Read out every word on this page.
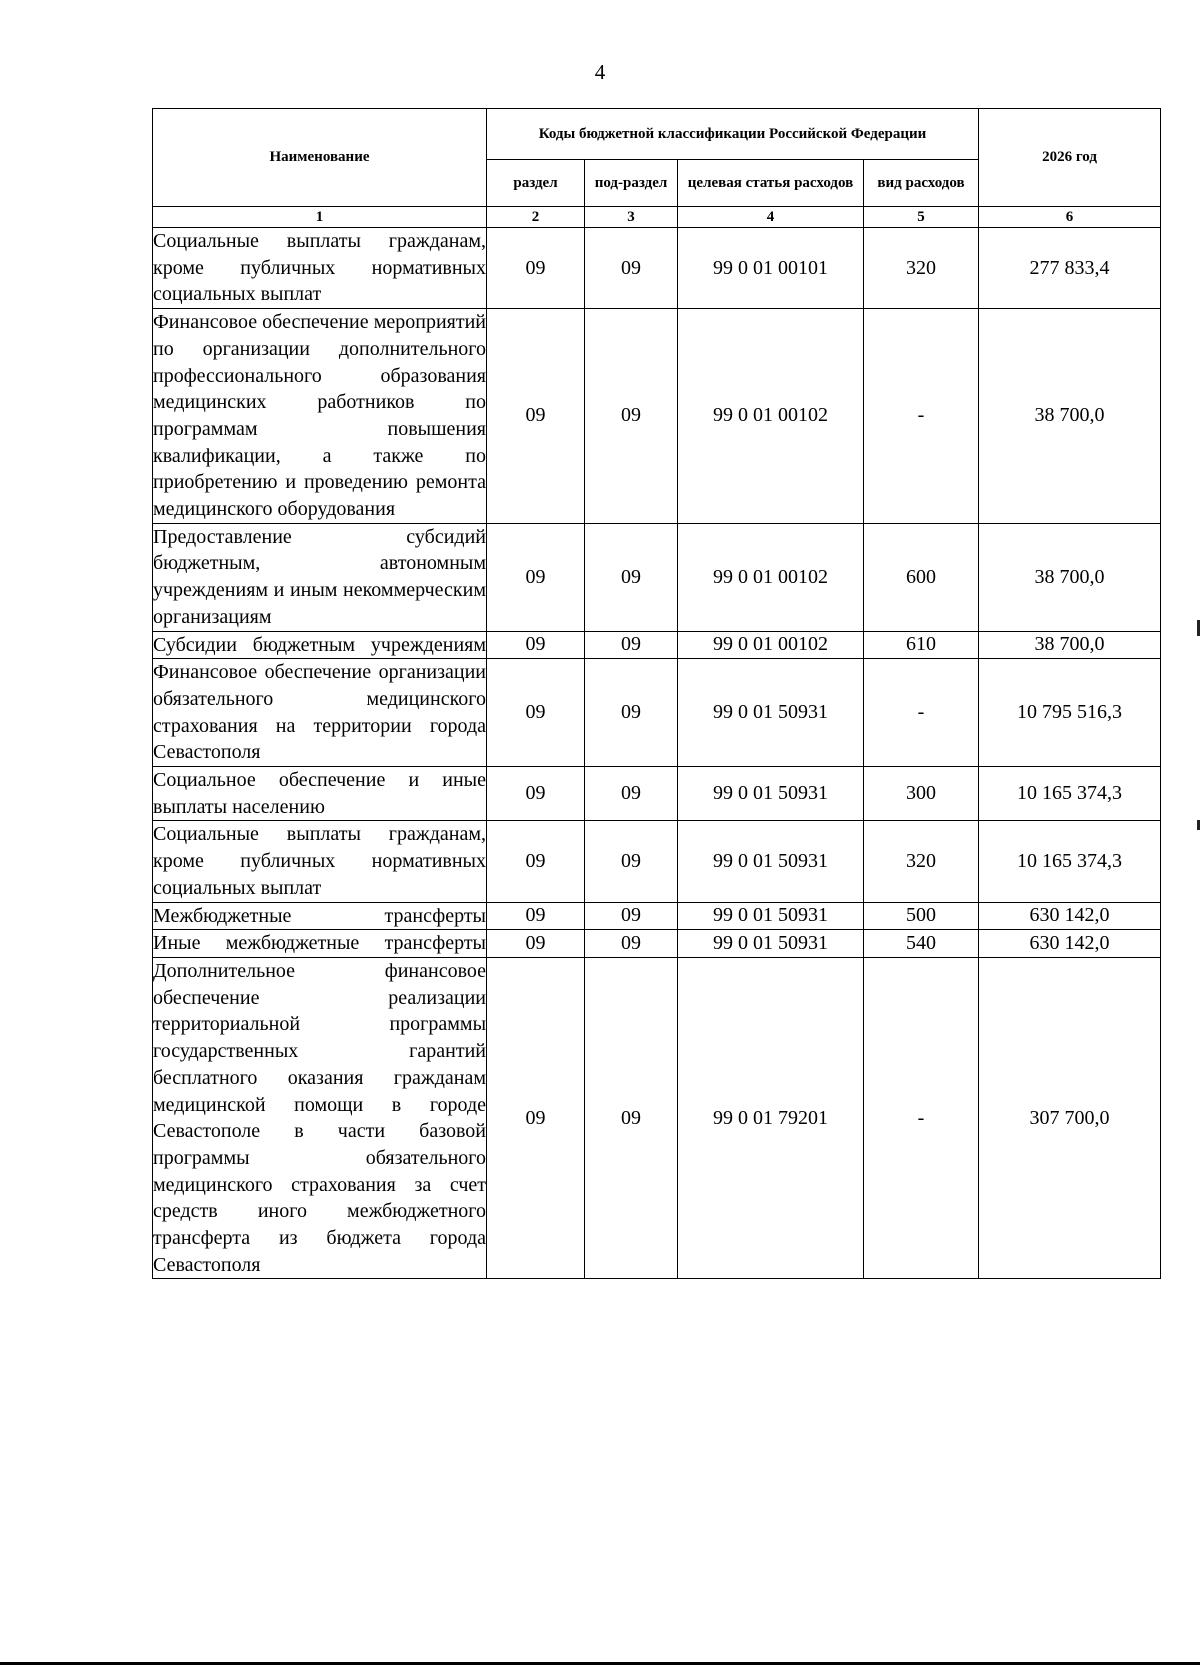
4
Наименование	Коды бюджетной классификации Российской Федерации				2026 год
	раздел	под-раздел	целевая статья расходов	вид расходов	
1	2	3	4	5	6
Социальные выплаты гражданам, кроме публичных нормативных социальных выплат	09	09	99 0 01 00101	320	277 833,4
Финансовое обеспечение мероприятий по организации дополнительного профессионального образования медицинских работников по программам повышения квалификации, а также по приобретению и проведению ремонта медицинского оборудования	09	09	99 0 01 00102	-	38 700,0
Предоставление субсидий бюджетным, автономным учреждениям и иным некоммерческим организациям	09	09	99 0 01 00102	600	38 700,0
Субсидии бюджетным учреждениям	09	09	99 0 01 00102	610	38 700,0
Финансовое обеспечение организации обязательного медицинского страхования на территории города Севастополя	09	09	99 0 01 50931	-	10 795 516,3
Социальное обеспечение и иные выплаты населению	09	09	99 0 01 50931	300	10 165 374,3
Социальные выплаты гражданам, кроме публичных нормативных социальных выплат	09	09	99 0 01 50931	320	10 165 374,3
Межбюджетные трансферты	09	09	99 0 01 50931	500	630 142,0
Иные межбюджетные трансферты	09	09	99 0 01 50931	540	630 142,0
Дополнительное финансовое обеспечение реализации территориальной программы государственных гарантий бесплатного оказания гражданам медицинской помощи в городе Севастополе в части базовой программы обязательного медицинского страхования за счет средств иного межбюджетного трансферта из бюджета города Севастополя	09	09	99 0 01 79201	-	307 700,0
